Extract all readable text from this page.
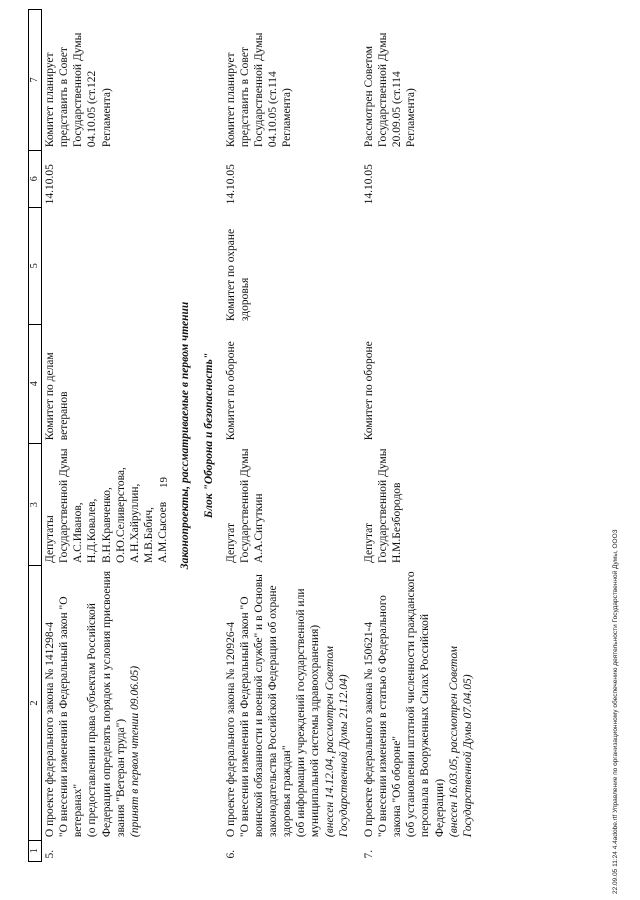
19
1	2	3	4	5	6	7
5.	О проекте федерального закона № 141298-4 "О внесении изменений в Федеральный закон "О ветеранах" (о предоставлении права субъектам Российской Федерации определять порядок и условия присвоения звания "Ветеран труда") (принят в первом чтении 09.06.05)	Депутаты Государственной Думы А.С.Иванов, Н.Д.Ковалев, В.Н.Кравченко, О.Ю.Селиверстова, А.Н.Хайруллин, М.В.Бабич, А.М.Сысоев	Комитет по делам ветеранов		14.10.05	Комитет планирует представить в Совет Государственной Думы 04.10.05 (ст.122 Регламента)

Законопроекты, рассматриваемые в первом чтении Блок "Оборона и безопасность"						

6.	О проекте федерального закона № 120926-4 "О внесении изменений в Федеральный закон "О воинской обязанности и военной службе" и в Основы законодательства Российской Федерации об охране здоровья граждан" (об информации учреждений государственной или муниципальной системы здравоохранения) (внесен 14.12.04, рассмотрен Советом Государственной Думы 21.12.04)	Депутат Государственной Думы А.А.Сигуткин	Комитет по обороне	Комитет по охране здоровья	14.10.05	Комитет планирует представить в Совет Государственной Думы 04.10.05 (ст.114 Регламента)

7.	О проекте федерального закона № 150621-4 "О внесении изменения в статью 6 Федерального закона "Об обороне" (об установлении штатной численности гражданского персонала в Вооруженных Силах Российской Федерации) (внесен 16.03.05, рассмотрен Советом Государственной Думы 07.04.05)	Депутат Государственной Думы Н.М.Безбородов	Комитет по обороне		14.10.05	Рассмотрен Советом Государственной Думы 20.09.05 (ст.114 Регламента)
22.09.05 11:24 4.4adobe.rtf Управление по организационному обеспечению деятельности Государственной Думы, ОООЗ
